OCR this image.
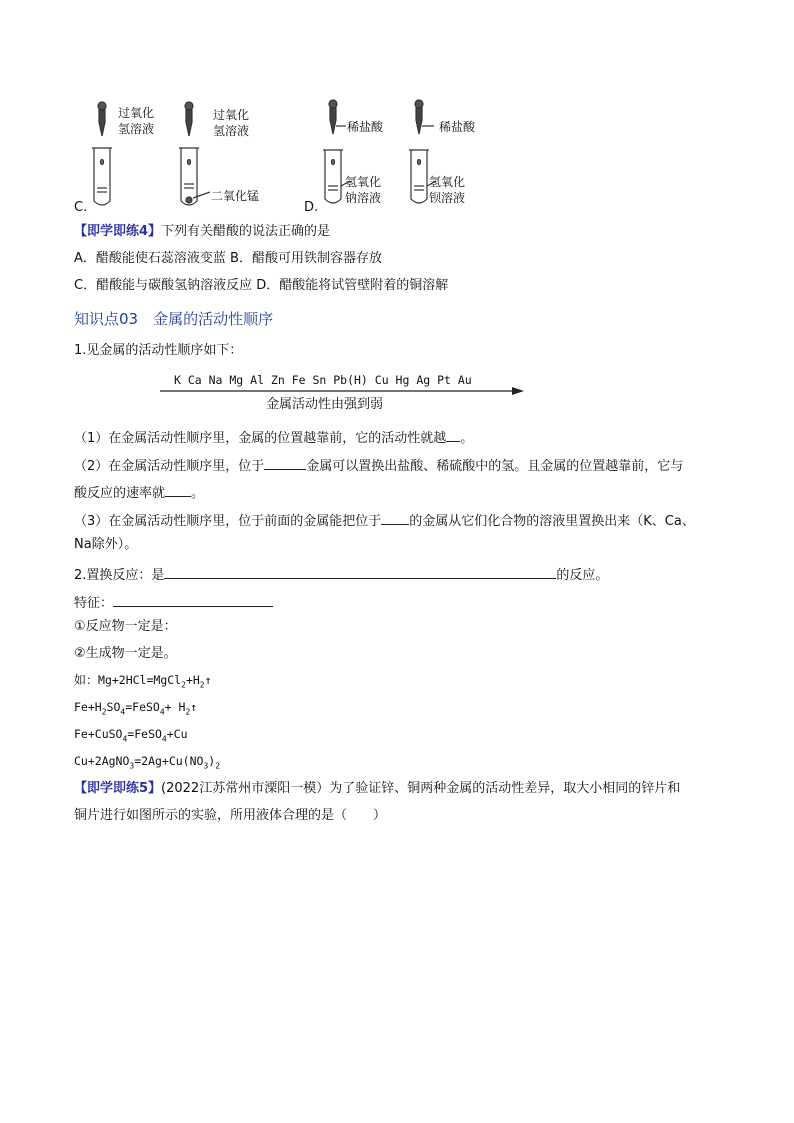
过氧化
氢溶液
过氧化
氢溶液
二氧化锰
稀盐酸
氢氧化
钠溶液
稀盐酸
氢氧化
钡溶液
C.	D.
【即学即练4】下列有关醋酸的说法正确的是
A．醋酸能使石蕊溶液变蓝 B．醋酸可用铁制容器存放
C．醋酸能与碳酸氢钠溶液反应 D．醋酸能将试管壁附着的铜溶解
知识点03　金属的活动性顺序
1.见金属的活动性顺序如下：
K Ca Na Mg Al Zn Fe Sn Pb(H) Cu Hg Ag Pt Au
金属活动性由强到弱
（1）在金属活动性顺序里，金属的位置越靠前，它的活动性就越 。
（2）在金属活动性顺序里，位于	金属可以置换出盐酸、稀硫酸中的氢。且金属的位置越靠前，它与
酸反应的速率就 。
（3）在金属活动性顺序里，位于前面的金属能把位于 的金属从它们化合物的溶液里置换出来（K、Ca、
Na除外）。
2.置换反应：是	的反应。
特征：
①反应物一定是：
②生成物一定是。
如：$Mg+2HCl=MgCl_2+H_2↑$
$Fe+H_2SO_4=FeSO_4+$ $H_2↑$
Fe+CuSO$_4$=FeSO$_4$+Cu
$Cu+2AgNO_3=2Ag+Cu(NO_3)_2$
【即学即练5】(2022江苏常州市溧阳一模）为了验证锌、铜两种金属的活动性差异，取大小相同的锌片和
铜片进行如图所示的实验，所用液体合理的是（　　）
